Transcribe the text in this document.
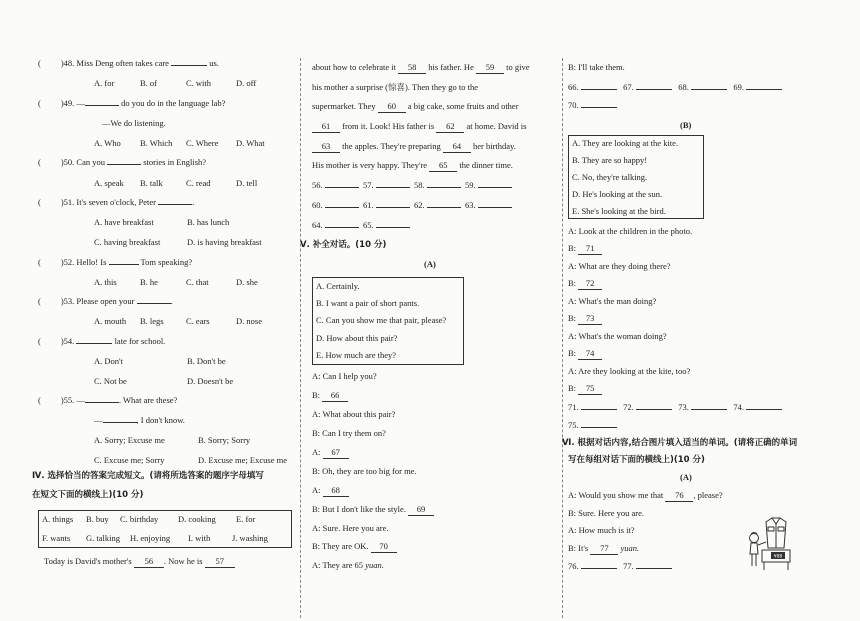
( )48. Miss Deng often takes care	us.
A. for	B. of	C. with	D. off
( )49. —	do you do in the language lab?
—We do listening.
A. Who B. Which C. Where D. What
( )50. Can you	stories in English?
A. speak B. talk	C. read	D. tell
( )51. It's seven o'clock, Peter	.
A. have breakfast	B. has lunch
C. having breakfast	D. is having breakfast
( )52. Hello! Is	Tom speaking?
A. this	B. he	C. that	D. she
( )53. Please open your	.
A. mouth B. legs	C. ears	D. nose
( )54.	late for school.
A. Don't	B. Don't be
C. Not be	D. Doesn't be
( )55. —	. What are these?
—	, I don't know.
A. Sorry; Excuse me	B. Sorry; Sorry
C. Excuse me; Sorry	D. Excuse me; Excuse me
Ⅳ. 选择恰当的答案完成短文。(请将所选答案的题序字母填写
在短文下面的横线上)(10 分)
A. things B. buy C. birthday D. cooking E. for
F. wants G. talking H. enjoying I. with	J. washing
Today is David's mother's 56 . Now he is 57
about how to celebrate it 58 his father. He 59 to give
his mother a surprise (惊喜). Then they go to the
supermarket. They 60 a big cake, some fruits and other
61 from it. Look! His father is 62 at home. David is
63 the apples. They're preparing 64 her birthday.
His mother is very happy. They're 65 the dinner time.
56.	57.	58.	59.
60.	61.	62.	63.
64.	65.
Ⅴ. 补全对话。(10 分)
(A)
A. Certainly.
B. I want a pair of short pants.
C. Can you show me that pair, please?
D. How about this pair?
E. How much are they?
A: Can I help you?
B: 66
A: What about this pair?
B: Can I try them on?
A: 67
B: Oh, they are too big for me.
A: 68
B: But I don't like the style. 69
A: Sure. Here you are.
B: They are OK. 70
A: They are 65 yuan.
B: I'll take them.
66.	67.	68.	69.
70.
(B)
A. They are looking at the kite.
B. They are so happy!
C. No, they're talking.
D. He's looking at the sun.
E. She's looking at the bird.
A: Look at the children in the photo.
B: 71
A: What are they doing there?
B: 72
A: What's the man doing?
B: 73
A: What's the woman doing?
B: 74
A: Are they looking at the kite, too?
B: 75
71.	72.	73.	74.
75.
Ⅵ. 根据对话内容,结合图片填入适当的单词。(请将正确的单词
写在每组对话下面的横线上)(10 分)
(A)
A: Would you show me that 76 , please?
B: Sure. Here you are.
A: How much is it?
B: It's 77 yuan.
76.	77.
¥88
